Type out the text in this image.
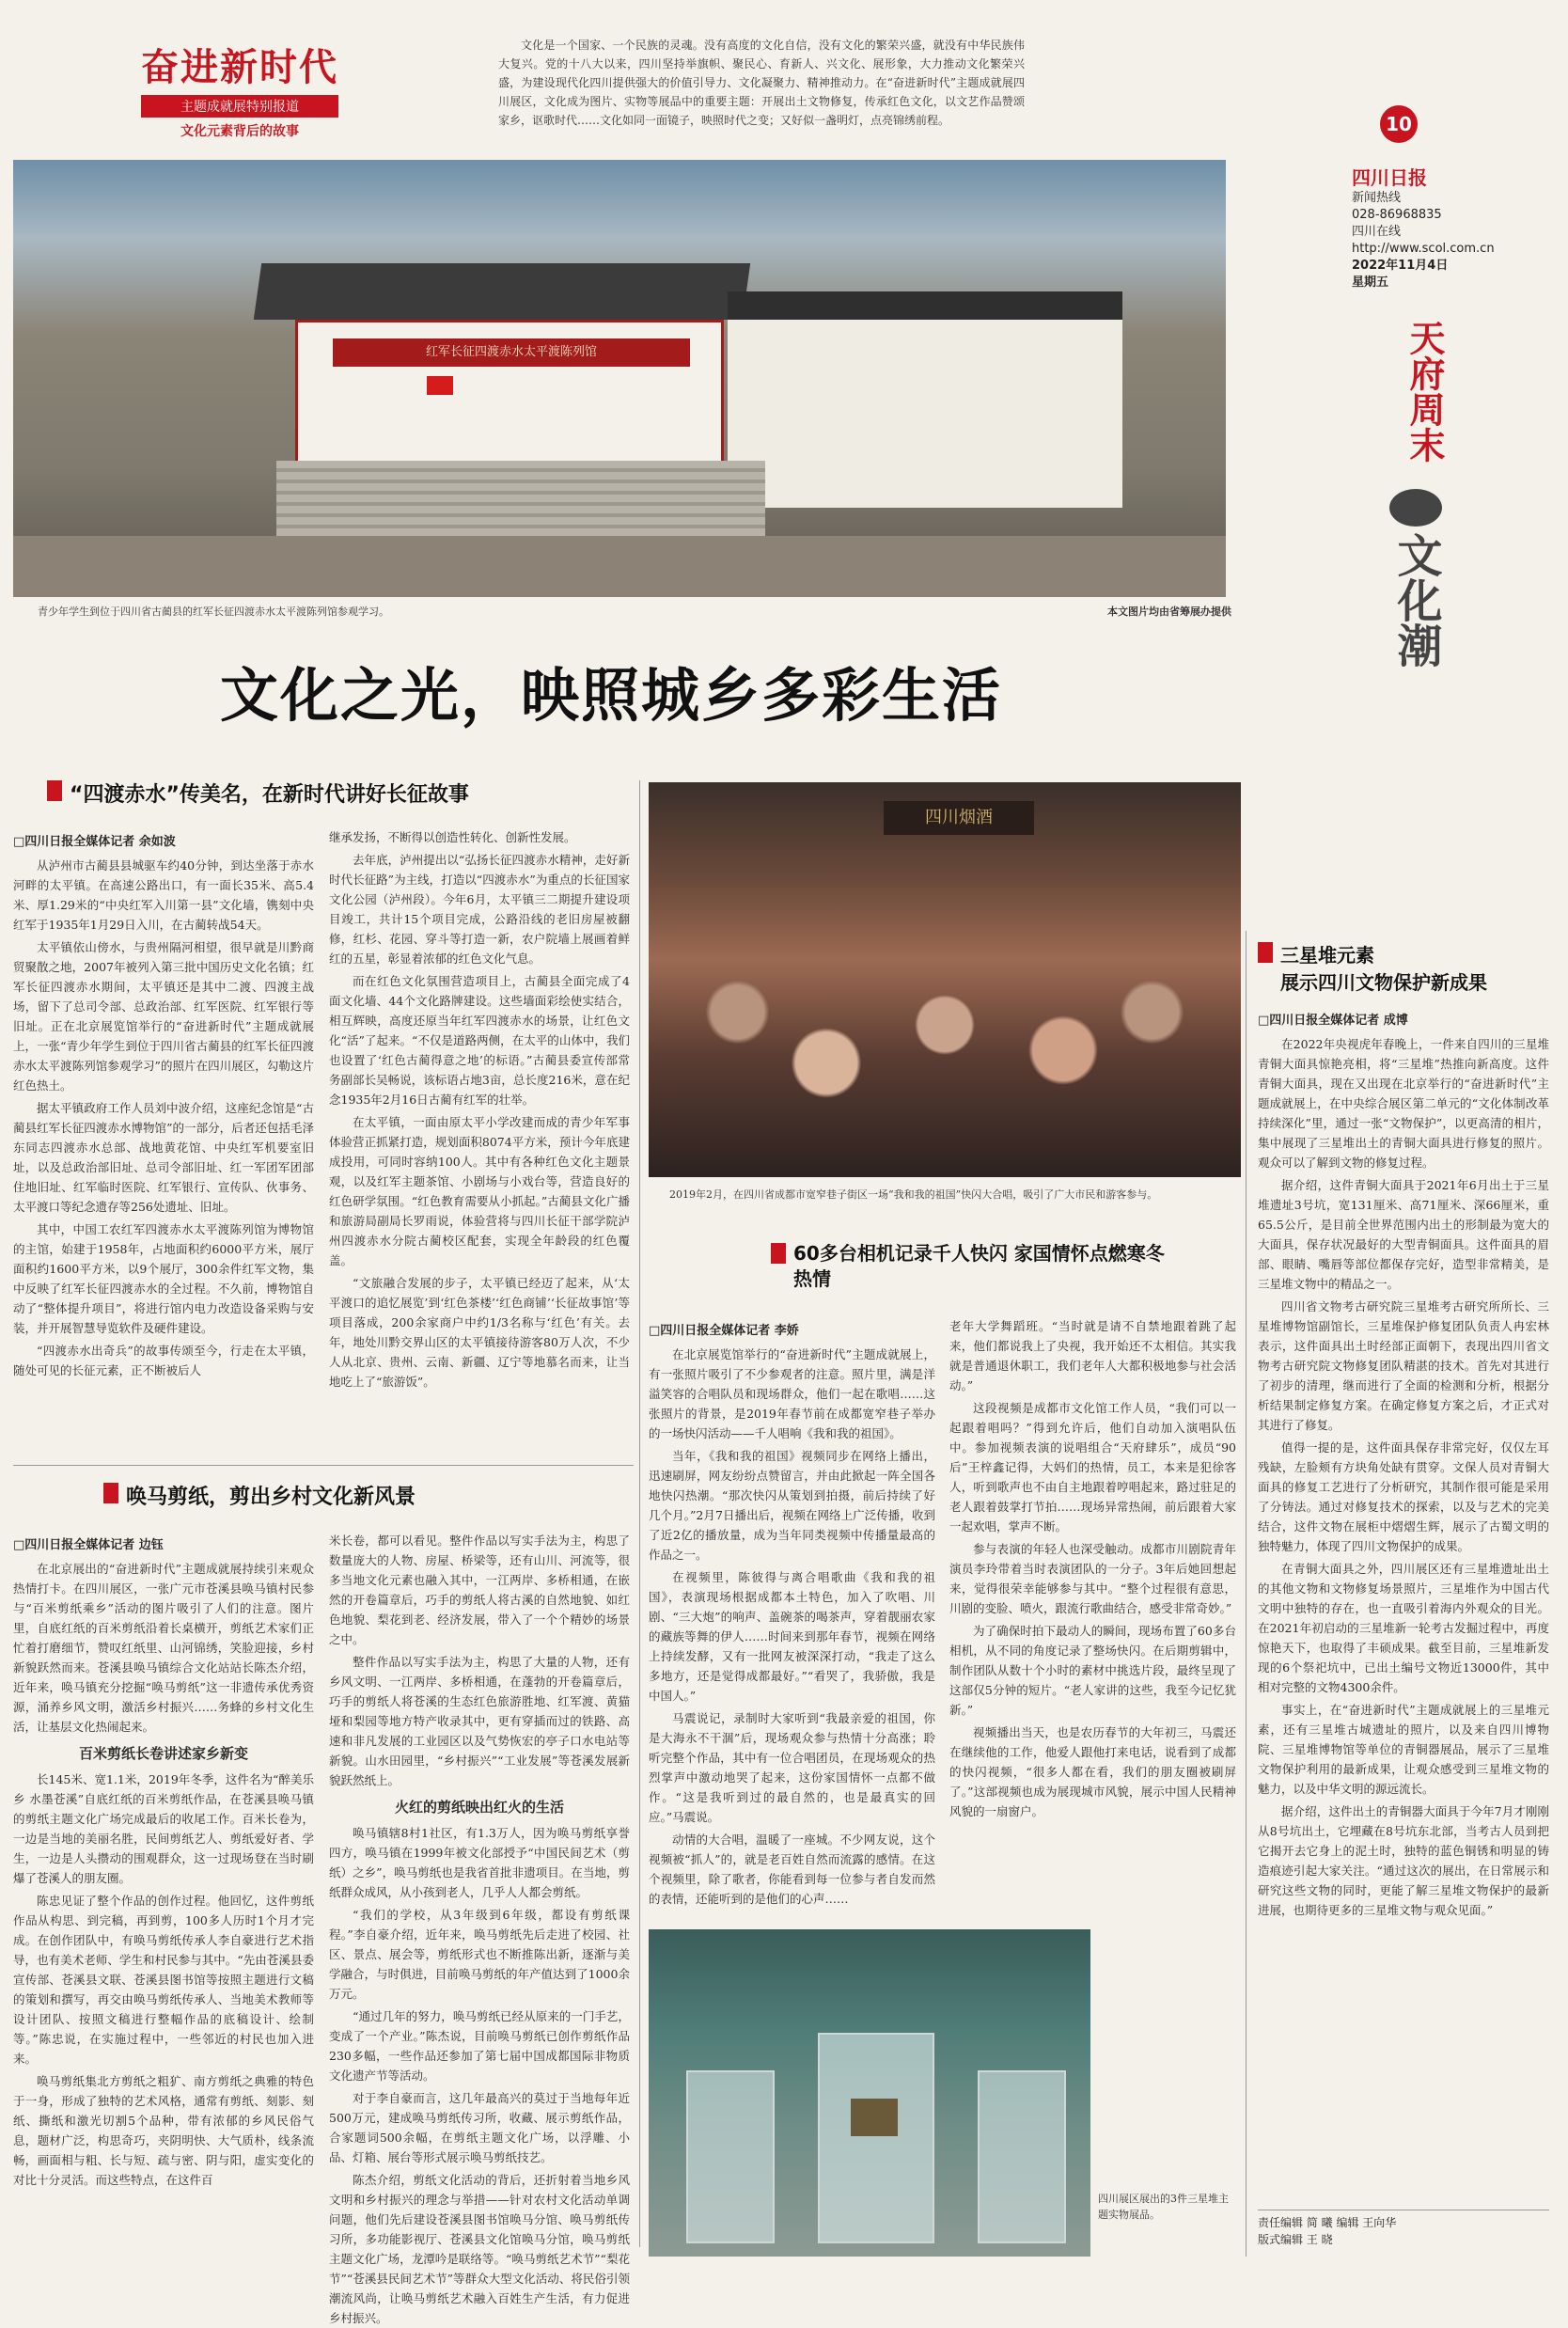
奋进新时代
主题成就展特别报道
文化元素背后的故事
文化是一个国家、一个民族的灵魂。没有高度的文化自信，没有文化的繁荣兴盛，就没有中华民族伟大复兴。党的十八大以来，四川坚持举旗帜、聚民心、育新人、兴文化、展形象，大力推动文化繁荣兴盛，为建设现代化四川提供强大的价值引导力、文化凝聚力、精神推动力。在“奋进新时代”主题成就展四川展区，文化成为图片、实物等展品中的重要主题：开展出土文物修复，传承红色文化，以文艺作品赞颂家乡，讴歌时代……文化如同一面镜子，映照时代之变；又好似一盏明灯，点亮锦绣前程。	10
四川日报
新闻热线
028-86968835
四川在线
http://www.scol.com.cn
2022年11月4日
星期五
天府周末
文化潮
红军长征四渡赤水太平渡陈列馆
青少年学生到位于四川省古蔺县的红军长征四渡赤水太平渡陈列馆参观学习。	本文图片均由省筹展办提供
文化之光，映照城乡多彩生活
“四渡赤水”传美名，在新时代讲好长征故事
□四川日报全媒体记者 余如波

从泸州市古蔺县县城驱车约40分钟，到达坐落于赤水河畔的太平镇。在高速公路出口，有一面长35米、高5.4米、厚1.29米的“中央红军入川第一县”文化墙，镌刻中央红军于1935年1月29日入川，在古蔺转战54天。

太平镇依山傍水，与贵州隔河相望，很早就是川黔商贸聚散之地，2007年被列入第三批中国历史文化名镇；红军长征四渡赤水期间，太平镇还是其中二渡、四渡主战场，留下了总司令部、总政治部、红军医院、红军银行等旧址。正在北京展览馆举行的“奋进新时代”主题成就展上，一张“青少年学生到位于四川省古蔺县的红军长征四渡赤水太平渡陈列馆参观学习”的照片在四川展区，勾勒这片红色热土。

据太平镇政府工作人员刘中波介绍，这座纪念馆是“古蔺县红军长征四渡赤水博物馆”的一部分，后者还包括毛泽东同志四渡赤水总部、战地黄花馆、中央红军机要室旧址，以及总政治部旧址、总司令部旧址、红一军团军团部住地旧址、红军临时医院、红军银行、宣传队、伙事务、太平渡口等纪念遗存等256处遗址、旧址。

其中，中国工农红军四渡赤水太平渡陈列馆为博物馆的主馆，始建于1958年，占地面积约6000平方米，展厅面积约1600平方米，以9个展厅，300余件红军文物，集中反映了红军长征四渡赤水的全过程。不久前，博物馆自动了“整体提升项目”，将进行馆内电力改造设备采购与安装，并开展智慧导览软件及硬件建设。

“四渡赤水出奇兵”的故事传颂至今，行走在太平镇，随处可见的长征元素，正不断被后人

继承发扬，不断得以创造性转化、创新性发展。

去年底，泸州提出以“弘扬长征四渡赤水精神，走好新时代长征路”为主线，打造以“四渡赤水”为重点的长征国家文化公园（泸州段）。今年6月，太平镇三二期提升建设项目竣工，共计15个项目完成，公路沿线的老旧房屋被翻修，红杉、花园、穿斗等打造一新，农户院墙上展画着鲜红的五星，彰显着浓郁的红色文化气息。

而在红色文化氛围营造项目上，古蔺县全面完成了4面文化墙、44个文化路牌建设。这些墙面彩绘使实结合，相互辉映，高度还原当年红军四渡赤水的场景，让红色文化“活”了起来。“不仅是道路两侧，在太平的山体中，我们也设置了‘红色古蔺得意之地’的标语。”古蔺县委宣传部常务副部长吴畅说，该标语占地3亩，总长度216米，意在纪念1935年2月16日古蔺有红军的壮举。

在太平镇，一面由原太平小学改建而成的青少年军事体验营正抓紧打造，规划面积8074平方米，预计今年底建成投用，可同时容纳100人。其中有各种红色文化主题景观，以及红军主题茶馆、小剧场与小戏台等，营造良好的红色研学氛围。“红色教育需要从小抓起。”古蔺县文化广播和旅游局副局长罗雨说，体验营将与四川长征干部学院泸州四渡赤水分院古蔺校区配套，实现全年龄段的红色覆盖。

“文旅融合发展的步子，太平镇已经迈了起来，从‘太平渡口的追忆展览’到‘红色茶楼’‘红色商铺’‘长征故事馆’等项目落成，200余家商户中约1/3名称与‘红色’有关。去年，地处川黔交界山区的太平镇接待游客80万人次，不少人从北京、贵州、云南、新疆、辽宁等地慕名而来，让当地吃上了“旅游饭”。

唤马剪纸，剪出乡村文化新风景
□四川日报全媒体记者 边钰

在北京展出的“奋进新时代”主题成就展持续引来观众热情打卡。在四川展区，一张广元市苍溪县唤马镇村民参与“百米剪纸乘乡”活动的图片吸引了人们的注意。图片里，自底红纸的百米剪纸沿着长桌横开，剪纸艺术家们正忙着打磨细节，赞叹红纸里、山河锦绣，笑脸迎接，乡村新貌跃然而来。苍溪县唤马镇综合文化站站长陈杰介绍，近年来，唤马镇充分挖掘“唤马剪纸”这一非遗传承优秀资源，涌养乡风文明，激活乡村振兴……务蜂的乡村文化生活，让基层文化热闹起来。

百米剪纸长卷讲述家乡新变

长145米、宽1.1米，2019年冬季，这件名为“醉美乐乡 水墨苍溪”自底红纸的百米剪纸作品，在苍溪县唤马镇的剪纸主题文化广场完成最后的收尾工作。百米长卷为，一边是当地的美丽名胜，民间剪纸艺人、剪纸爱好者、学生，一边是人头攒动的围观群众，这一过现场登在当时刷爆了苍溪人的朋友圈。

陈忠见证了整个作品的创作过程。他回忆，这件剪纸作品从构思、到完稿，再到剪，100多人历时1个月才完成。在创作团队中，有唤马剪纸传承人李自豪进行艺术指导，也有美术老师、学生和村民参与其中。“先由苍溪县委宣传部、苍溪县文联、苍溪县图书馆等按照主题进行文稿的策划和撰写，再交由唤马剪纸传承人、当地美术教师等设计团队、按照文稿进行整幅作品的底稿设计、绘制等。”陈忠说，在实施过程中，一些邻近的村民也加入进来。

唤马剪纸集北方剪纸之粗犷、南方剪纸之典雅的特色于一身，形成了独特的艺术风格，通常有剪纸、刻影、刻纸、撕纸和激光切割5个品种，带有浓郁的乡风民俗气息，题材广泛，构思奇巧，夹阴明快、大气质朴，线条流畅，画面相与粗、长与短、疏与密、阴与阳，虚实变化的对比十分灵活。而这些特点，在这件百

米长卷，都可以看见。整件作品以写实手法为主，构思了数量庞大的人物、房屋、桥梁等，还有山川、河流等，很多当地文化元素也融入其中，一江两岸、多桥相通，在嵌然的开卷篇章后，巧手的剪纸人将古溪的自然地貌、如红色地貌、梨花到老、经济发展，带入了一个个精妙的场景之中。

整件作品以写实手法为主，构思了大量的人物，还有乡风文明、一江两岸、多桥相通，在蓬勃的开卷篇章后，巧手的剪纸人将苍溪的生态红色旅游胜地、红军渡、黄猫垭和梨园等地方特产收录其中，更有穿插而过的铁路、高速和非凡发展的工业园区以及气势恢宏的亭子口水电站等新貌。山水田园里，“乡村振兴”“工业发展”等苍溪发展新貌跃然纸上。

火红的剪纸映出红火的生活

唤马镇辖8村1社区，有1.3万人，因为唤马剪纸享誉四方，唤马镇在1999年被文化部授予“中国民间艺术（剪纸）之乡”，唤马剪纸也是我省首批非遗项目。在当地，剪纸群众成风，从小孩到老人，几乎人人都会剪纸。

“我们的学校，从3年级到6年级，都设有剪纸课程。”李自豪介绍，近年来，唤马剪纸先后走进了校园、社区、景点、展会等，剪纸形式也不断推陈出新，逐渐与美学融合，与时俱进，目前唤马剪纸的年产值达到了1000余万元。

“通过几年的努力，唤马剪纸已经从原来的一门手艺，变成了一个产业。”陈杰说，目前唤马剪纸已创作剪纸作品230多幅，一些作品还参加了第七届中国成都国际非物质文化遗产节等活动。

对于李自豪而言，这几年最高兴的莫过于当地每年近500万元，建成唤马剪纸传习所，收藏、展示剪纸作品，合家题词500余幅，在剪纸主题文化广场，以浮雕、小品、灯箱、展台等形式展示唤马剪纸技艺。

陈杰介绍，剪纸文化活动的背后，还折射着当地乡风文明和乡村振兴的理念与举措——针对农村文化活动单调问题，他们先后建设苍溪县图书馆唤马分馆、唤马剪纸传习所，多功能影视厅、苍溪县文化馆唤马分馆，唤马剪纸主题文化广场，龙潭吟是联络等。“唤马剪纸艺术节”“梨花节”“苍溪县民间艺术节”等群众大型文化活动、将民俗引领潮流风尚，让唤马剪纸艺术融入百姓生产生活，有力促进乡村振兴。

四川烟酒
2019年2月，在四川省成都市宽窄巷子街区一场“我和我的祖国”快闪大合唱，吸引了广大市民和游客参与。
60多台相机记录千人快闪 家国情怀点燃寒冬热情
□四川日报全媒体记者 李娇

在北京展览馆举行的“奋进新时代”主题成就展上，有一张照片吸引了不少参观者的注意。照片里，满是洋溢笑容的合唱队员和现场群众，他们一起在歌唱……这张照片的背景，是2019年春节前在成都宽窄巷子举办的一场快闪活动——千人唱响《我和我的祖国》。

当年，《我和我的祖国》视频同步在网络上播出，迅速刷屏，网友纷纷点赞留言，并由此掀起一阵全国各地快闪热潮。“那次快闪从策划到拍摄，前后持续了好几个月。”2月7日播出后，视频在网络上广泛传播，收到了近2亿的播放量，成为当年同类视频中传播量最高的作品之一。

在视频里，陈彼得与离合唱歌曲《我和我的祖国》，表演现场根据成都本土特色，加入了吹唱、川剧、“三大炮”的响声、盖碗茶的喝茶声，穿着靓丽农家的藏族等舞的伊人……时间来到那年春节，视频在网络上持续发酵，又有一批网友被深深打动，“我走了这么多地方，还是觉得成都最好。”“看哭了，我骄傲，我是中国人。”

马震说记，录制时大家听到“我最亲爱的祖国，你是大海永不干涸”后，现场观众参与热情十分高涨；聆听完整个作品，其中有一位合唱团员，在现场观众的热烈掌声中激动地哭了起来，这份家国情怀一点都不做作。“这是我听到过的最自然的，也是最真实的回应。”马震说。

动情的大合唱，温暖了一座城。不少网友说，这个视频被“抓人”的，就是老百姓自然而流露的感情。在这个视频里，除了歌者，你能看到每一位参与者自发而然的表情，还能听到的是他们的心声……

老年大学舞蹈班。“当时就是请不自禁地跟着跳了起来，他们都说我上了央视，我开始还不太相信。其实我就是普通退休职工，我们老年人大都积极地参与社会活动。”

这段视频是成都市文化馆工作人员，“我们可以一起跟着唱吗？”得到允许后，他们自动加入演唱队伍中。参加视频表演的说唱组合“天府肆乐”，成员“90后”王梓鑫记得，大妈们的热情，员工，本来是犯徐客人，听到歌声也不由自主地跟着哼唱起来，路过驻足的老人跟着鼓掌打节拍……现场异常热闹，前后跟着大家一起欢唱，掌声不断。

参与表演的年轻人也深受触动。成都市川剧院青年演员李玲带着当时表演团队的一分子。3年后她回想起来，觉得很荣幸能够参与其中。“整个过程很有意思，川剧的变脸、喷火，跟流行歌曲结合，感受非常奇妙。”

为了确保时拍下最动人的瞬间，现场布置了60多台相机，从不同的角度记录了整场快闪。在后期剪辑中，制作团队从数十个小时的素材中挑选片段，最终呈现了这部仅5分钟的短片。“老人家讲的这些，我至今记忆犹新。”

视频播出当天，也是农历春节的大年初三，马震还在继续他的工作，他爱人跟他打来电话，说看到了成都的快闪视频，“很多人都在看，我们的朋友圈被刷屏了。”这部视频也成为展现城市风貌，展示中国人民精神风貌的一扇窗户。

四川展区展出的3件三星堆主题实物展品。
三星堆元素
展示四川文物保护新成果
□四川日报全媒体记者 成博

在2022年央视虎年春晚上，一件来自四川的三星堆青铜大面具惊艳亮相，将“三星堆”热推向新高度。这件青铜大面具，现在又出现在北京举行的“奋进新时代”主题成就展上，在中央综合展区第二单元的“文化体制改革持续深化”里，通过一张“文物保护”，以更高清的相片，集中展现了三星堆出土的青铜大面具进行修复的照片。观众可以了解到文物的修复过程。

据介绍，这件青铜大面具于2021年6月出土于三星堆遗址3号坑，宽131厘米、高71厘米、深66厘米，重65.5公斤，是目前全世界范围内出土的形制最为宽大的大面具，保存状况最好的大型青铜面具。这件面具的眉部、眼睛、嘴唇等部位都保存完好，造型非常精美，是三星堆文物中的精品之一。

四川省文物考古研究院三星堆考古研究所所长、三星堆博物馆副馆长，三星堆保护修复团队负责人冉宏林表示，这件面具出土时经部正面朝下，表现出四川省文物考古研究院文物修复团队精湛的技术。首先对其进行了初步的清理，继而进行了全面的检测和分析，根据分析结果制定修复方案。在确定修复方案之后，才正式对其进行了修复。

值得一提的是，这件面具保存非常完好，仅仅左耳残缺，左脸颊有方块角处缺有贯穿。文保人员对青铜大面具的修复工艺进行了分析研究，其制作很可能是采用了分铸法。通过对修复技术的探索，以及与艺术的完美结合，这件文物在展柜中熠熠生辉，展示了古蜀文明的独特魅力，体现了四川文物保护的成果。

在青铜大面具之外，四川展区还有三星堆遗址出土的其他文物和文物修复场景照片，三星堆作为中国古代文明中独特的存在，也一直吸引着海内外观众的目光。在2021年初启动的三星堆新一轮考古发掘过程中，再度惊艳天下，也取得了丰硕成果。截至目前，三星堆新发现的6个祭祀坑中，已出土编号文物近13000件，其中相对完整的文物4300余件。

事实上，在“奋进新时代”主题成就展上的三星堆元素，还有三星堆古城遗址的照片，以及来自四川博物院、三星堆博物馆等单位的青铜器展品，展示了三星堆文物保护利用的最新成果，让观众感受到三星堆文物的魅力，以及中华文明的源远流长。

据介绍，这件出土的青铜器大面具于今年7月才刚刚从8号坑出土，它埋藏在8号坑东北部，当考古人员到把它揭开去它身上的泥土时，独特的蓝色铜锈和明显的铸造痕迹引起大家关注。“通过这次的展出，在日常展示和研究这些文物的同时，更能了解三星堆文物保护的最新进展，也期待更多的三星堆文物与观众见面。”

责任编辑 简 曦 编辑 王向华
版式编辑 王 晓
